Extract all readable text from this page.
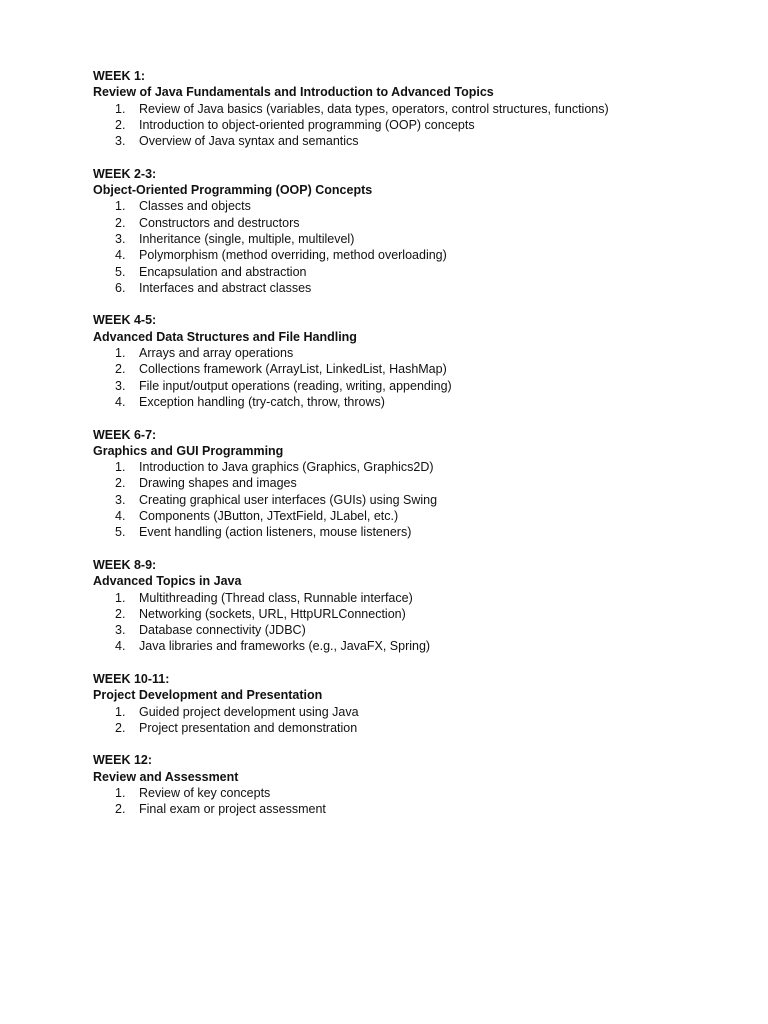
WEEK 1:
Review of Java Fundamentals and Introduction to Advanced Topics
1.	Review of Java basics (variables, data types, operators, control structures, functions)
2.	Introduction to object-oriented programming (OOP) concepts
3.	Overview of Java syntax and semantics
WEEK 2-3:
Object-Oriented Programming (OOP) Concepts
1.	Classes and objects
2.	Constructors and destructors
3.	Inheritance (single, multiple, multilevel)
4.	Polymorphism (method overriding, method overloading)
5.	Encapsulation and abstraction
6.	Interfaces and abstract classes
WEEK 4-5:
Advanced Data Structures and File Handling
1.	Arrays and array operations
2.	Collections framework (ArrayList, LinkedList, HashMap)
3.	File input/output operations (reading, writing, appending)
4.	Exception handling (try-catch, throw, throws)
WEEK 6-7:
Graphics and GUI Programming
1.	Introduction to Java graphics (Graphics, Graphics2D)
2.	Drawing shapes and images
3.	Creating graphical user interfaces (GUIs) using Swing
4.	Components (JButton, JTextField, JLabel, etc.)
5.	Event handling (action listeners, mouse listeners)
WEEK 8-9:
Advanced Topics in Java
1.	Multithreading (Thread class, Runnable interface)
2.	Networking (sockets, URL, HttpURLConnection)
3.	Database connectivity (JDBC)
4.	Java libraries and frameworks (e.g., JavaFX, Spring)
WEEK 10-11:
Project Development and Presentation
1.	Guided project development using Java
2.	Project presentation and demonstration
WEEK 12:
Review and Assessment
1.	Review of key concepts
2.	Final exam or project assessment
